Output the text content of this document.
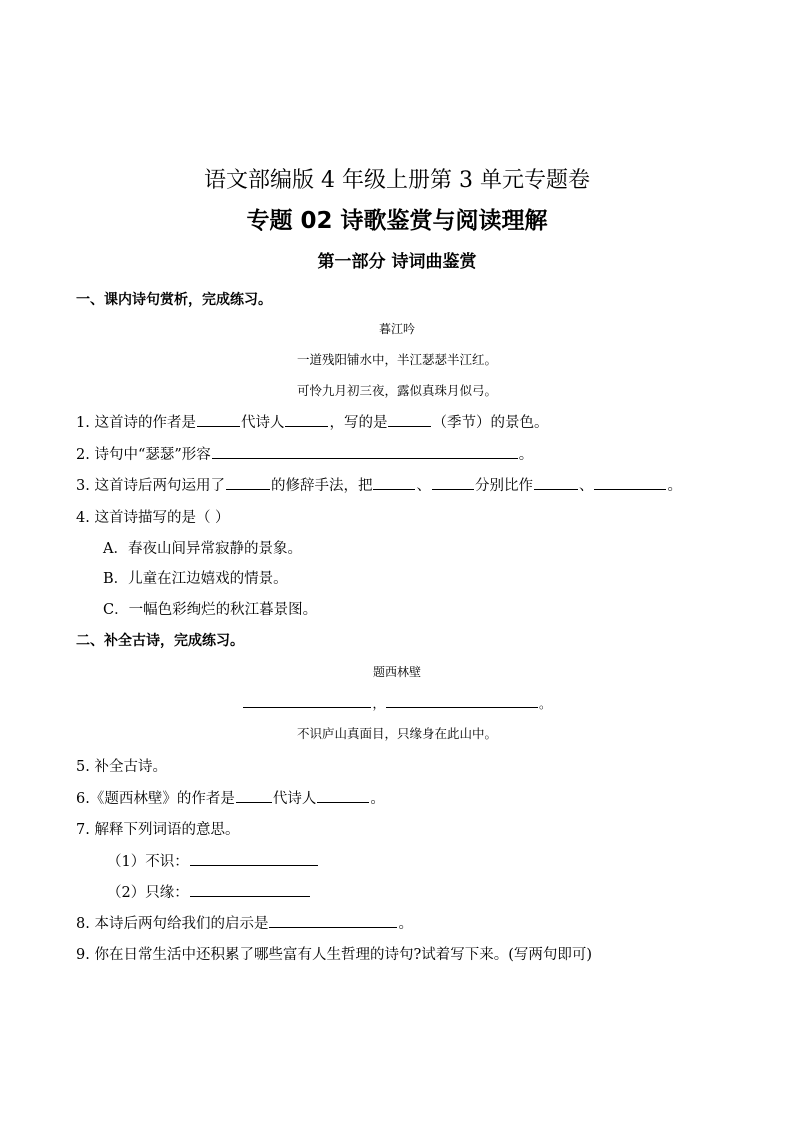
语文部编版 4 年级上册第 3 单元专题卷
专题 02 诗歌鉴赏与阅读理解
第一部分 诗词曲鉴赏
一、课内诗句赏析，完成练习。
暮江吟
一道残阳铺水中，半江瑟瑟半江红。
可怜九月初三夜，露似真珠月似弓。
1. 这首诗的作者是	代诗人	，写的是	（季节）的景色。
2. 诗句中“瑟瑟”形容	。
3. 这首诗后两句运用了	的修辞手法，把	、	分别比作	、	。
4. 这首诗描写的是（ ）
A．春夜山间异常寂静的景象。
B．儿童在江边嬉戏的情景。
C．一幅色彩绚烂的秋江暮景图。
二、补全古诗，完成练习。
题西林壁
，	。
不识庐山真面目，只缘身在此山中。
5. 补全古诗。
6.《题西林壁》的作者是	代诗人	。
7. 解释下列词语的意思。
（1）不识：
（2）只缘：
8. 本诗后两句给我们的启示是	。
9. 你在日常生活中还积累了哪些富有人生哲理的诗句?试着写下来。(写两句即可)
